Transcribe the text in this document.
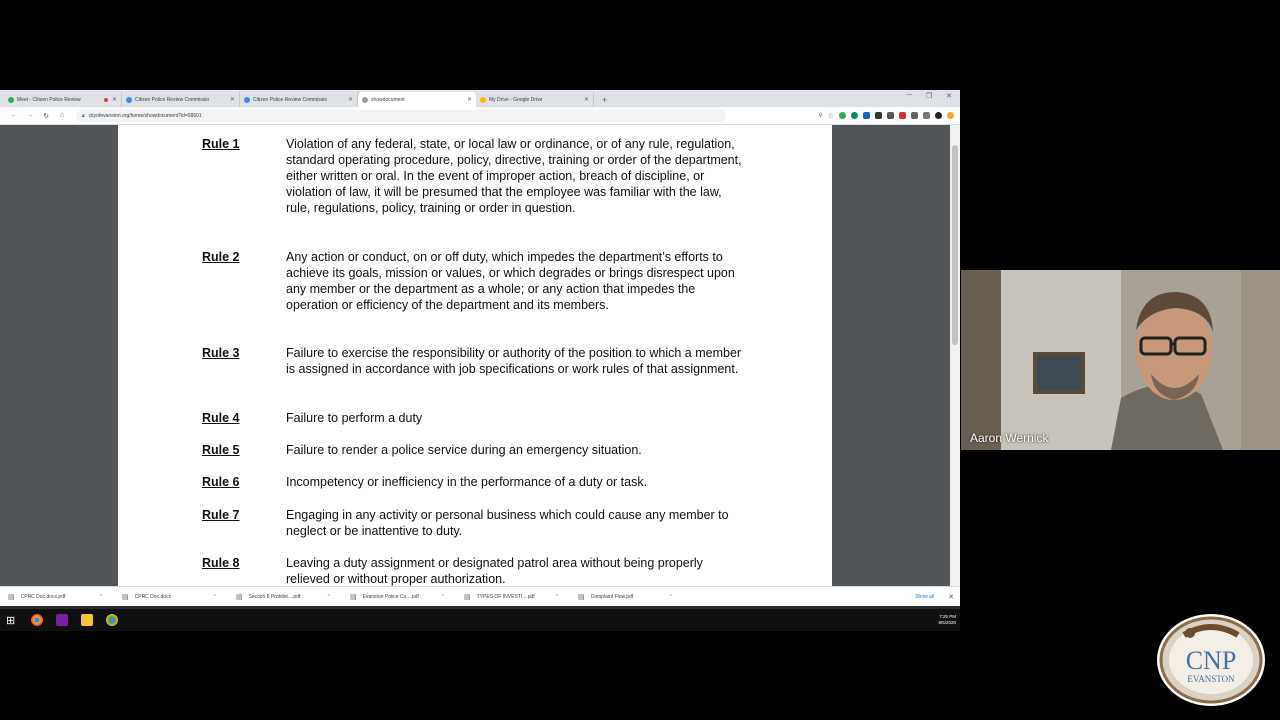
Meet - Citizen Police Review	✕	Citizen Police Review Commissio	✕	Citizen Police Review Commissio	✕	showdocument	✕	My Drive - Google Drive	✕ +	─ ❐ ✕
←	→	↻	⌂	🔒︎ cityofevanston.org/home/showdocument?id=58601	⚲ ☆
Rule 1	Violation of any federal, state, or local law or ordinance, or of any rule, regulation, standard operating procedure, policy, directive, training or order of the department, either written or oral. In the event of improper action, breach of discipline, or violation of law, it will be presumed that the employee was familiar with the law, rule, regulations, policy, training or order in question.
Rule 2	Any action or conduct, on or off duty, which impedes the department’s efforts to achieve its goals, mission or values, or which degrades or brings disrespect upon any member or the department as a whole; or any action that impedes the operation or efficiency of the department and its members.
Rule 3	Failure to exercise the responsibility or authority of the position to which a member is assigned in accordance with job specifications or work rules of that assignment.
Rule 4	Failure to perform a duty
Rule 5	Failure to render a police service during an emergency situation.
Rule 6	Incompetency or inefficiency in the performance of a duty or task.
Rule 7	Engaging in any activity or personal business which could cause any member to neglect or be inattentive to duty.
Rule 8	Leaving a duty assignment or designated patrol area without being properly relieved or without proper authorization.
▤ CPRC Doc.docx.pdf	⌃	▤ CPRC Doc.docx	⌃	▤ Section 8 Prohibit....pdf	⌃	▤ Evanston Police Co....pdf	⌃	▤ TYPES OF INVESTI....pdf	⌃	▤ Complaint Flow.pdf	⌃	Show all ✕
⊞	7:25 PM
8/5/2020
Aaron Wernick
CNP
EVANSTON
